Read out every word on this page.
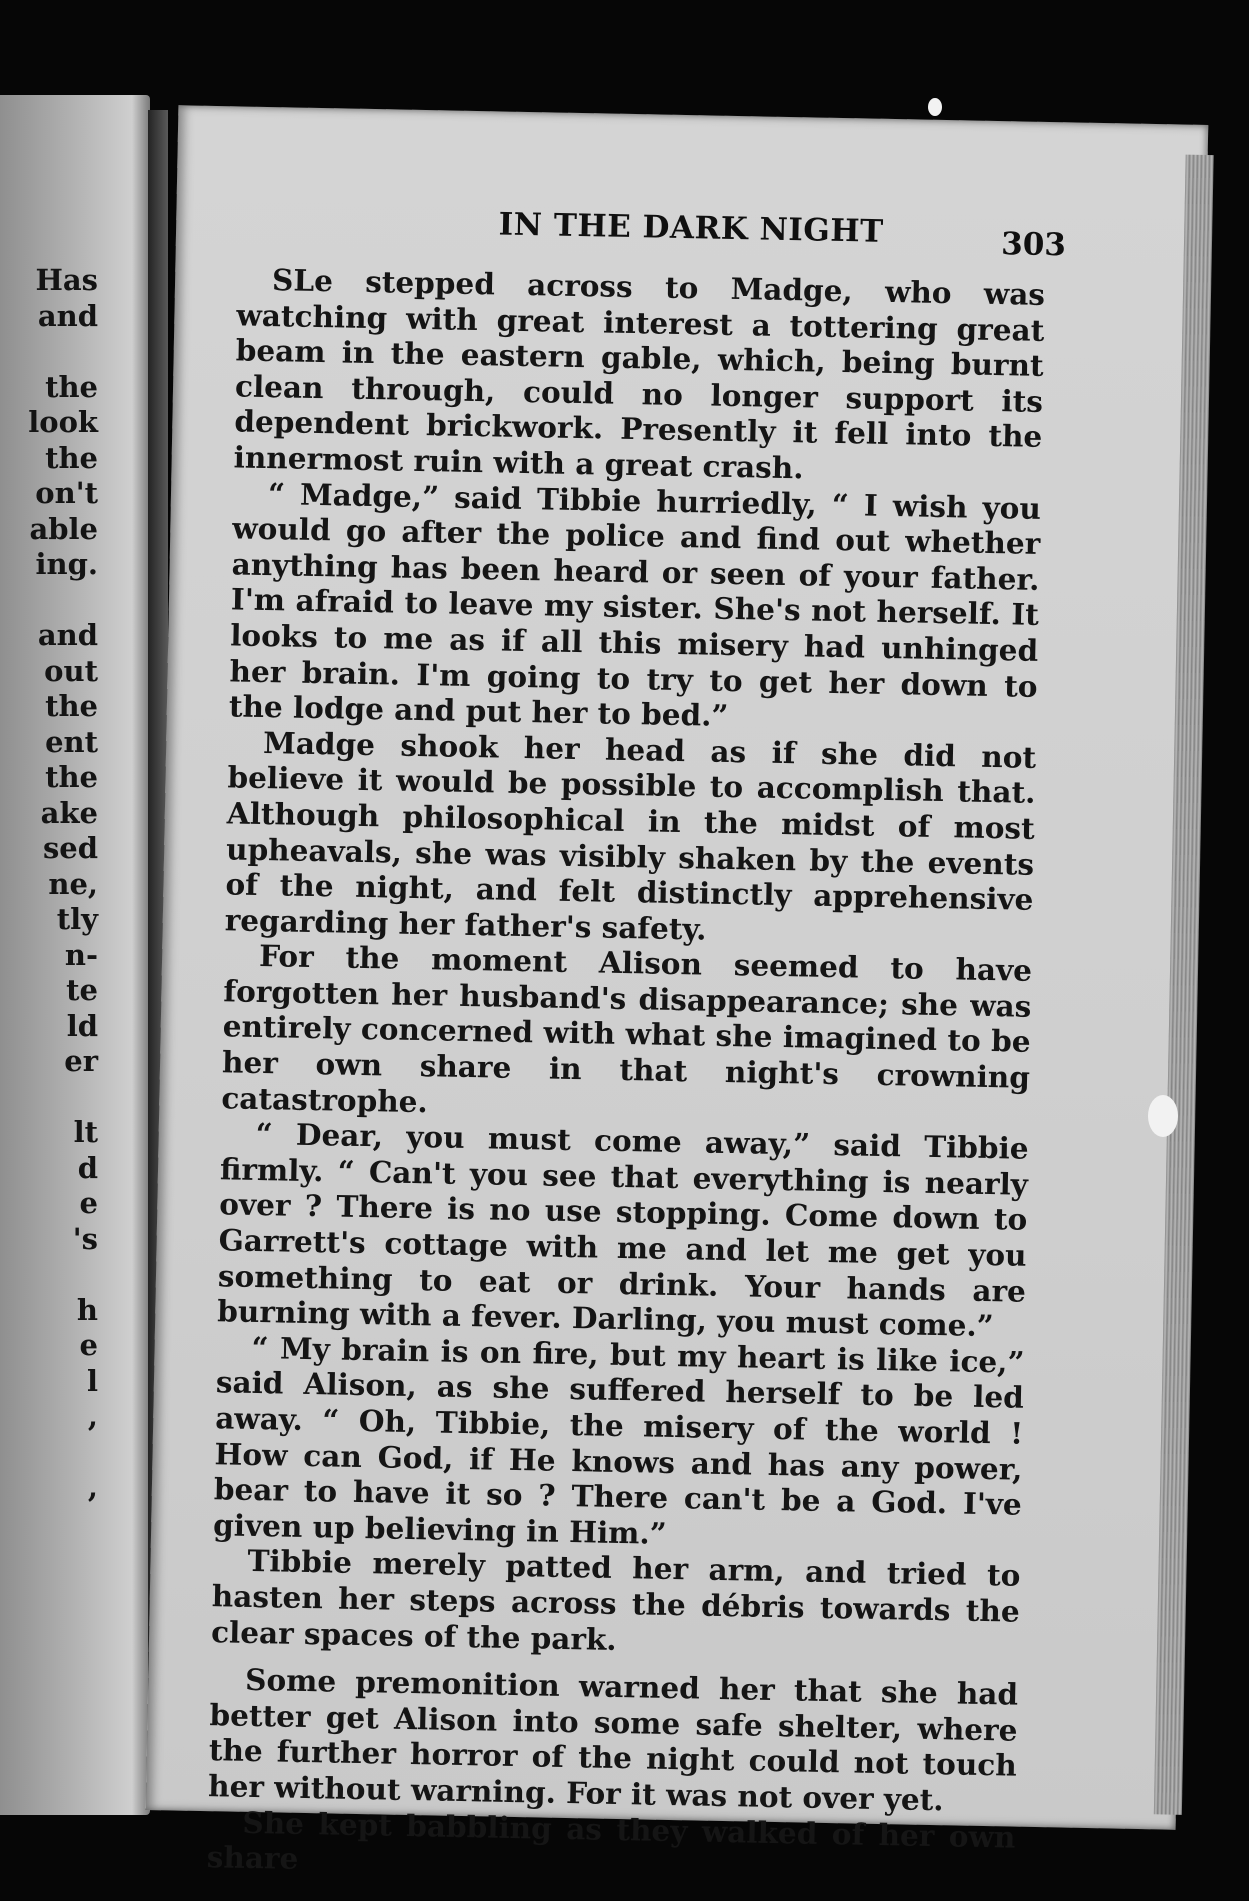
Has
and

the
look
the
on't
able
ing.

and
out
the
ent
the
ake
sed
ne,
tly
n-
te
ld
er

lt
d
e
's

h
e
l
,

,
IN THE DARK NIGHT	303

SLe stepped across to Madge, who was watching with great interest a tottering great beam in the eastern gable, which, being burnt clean through, could no longer support its dependent brickwork. Presently it fell into the innermost ruin with a great crash.

“ Madge,” said Tibbie hurriedly, “ I wish you would go after the police and find out whether anything has been heard or seen of your father. I'm afraid to leave my sister. She's not herself. It looks to me as if all this misery had unhinged her brain. I'm going to try to get her down to the lodge and put her to bed.”

Madge shook her head as if she did not believe it would be possible to accomplish that. Although philosophical in the midst of most upheavals, she was visibly shaken by the events of the night, and felt distinctly apprehensive regarding her father's safety.

For the moment Alison seemed to have forgotten her husband's disappearance; she was entirely concerned with what she imagined to be her own share in that night's crowning catastrophe.

“ Dear, you must come away,” said Tibbie firmly. “ Can't you see that everything is nearly over ? There is no use stopping. Come down to Garrett's cottage with me and let me get you something to eat or drink. Your hands are burning with a fever. Darling, you must come.”

“ My brain is on fire, but my heart is like ice,” said Alison, as she suffered herself to be led away. “ Oh, Tibbie, the misery of the world ! How can God, if He knows and has any power, bear to have it so ? There can't be a God. I've given up believing in Him.”

Tibbie merely patted her arm, and tried to hasten her steps across the débris towards the clear spaces of the park.

Some premonition warned her that she had better get Alison into some safe shelter, where the further horror of the night could not touch her without warning. For it was not over yet.

She kept babbling as they walked of her own share
